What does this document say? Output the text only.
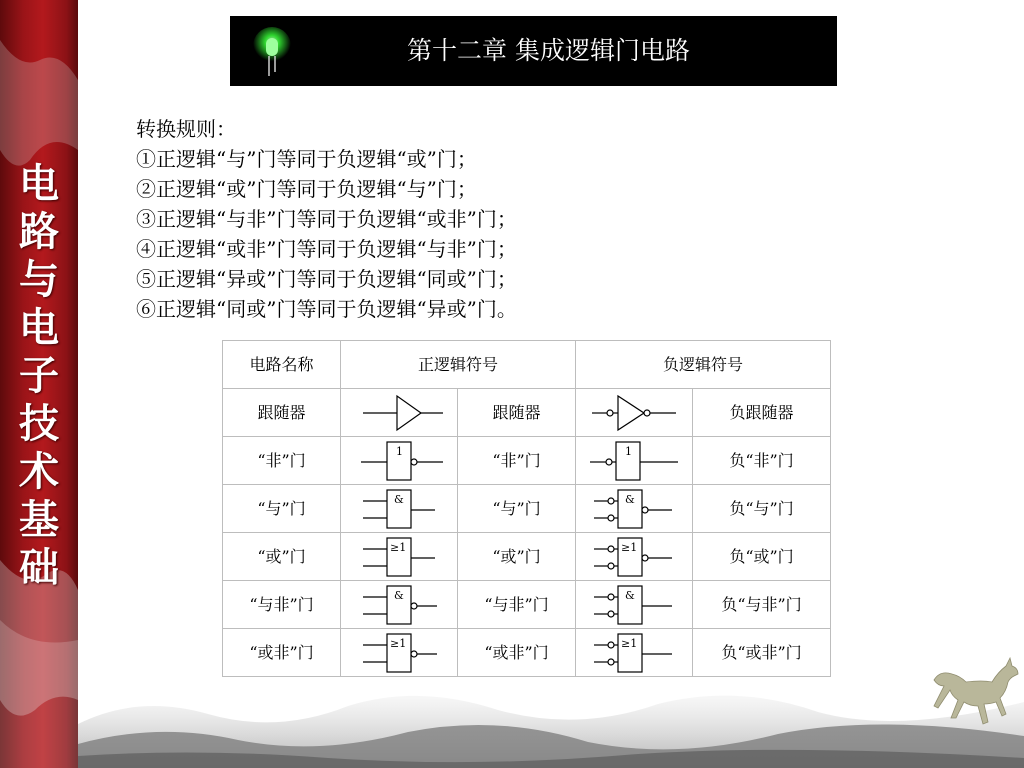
电
路
与
电
子
技
术
基
础
第十二章 集成逻辑门电路
转换规则：
①正逻辑“与”门等同于负逻辑“或”门；
②正逻辑“或”门等同于负逻辑“与”门；
③正逻辑“与非”门等同于负逻辑“或非”门；
④正逻辑“或非”门等同于负逻辑“与非”门；
⑤正逻辑“异或”门等同于负逻辑“同或”门；
⑥正逻辑“同或”门等同于负逻辑“异或”门。
电路名称	正逻辑符号		负逻辑符号	
跟随器		跟随器		负跟随器
“非”门	1	“非”门	1	负“非”门
“与”门	&	“与”门	&	负“与”门
“或”门	≥1	“或”门	≥1	负“或”门
“与非”门	&	“与非”门	&	负“与非”门
“或非”门	≥1	“或非”门	≥1	负“或非”门
